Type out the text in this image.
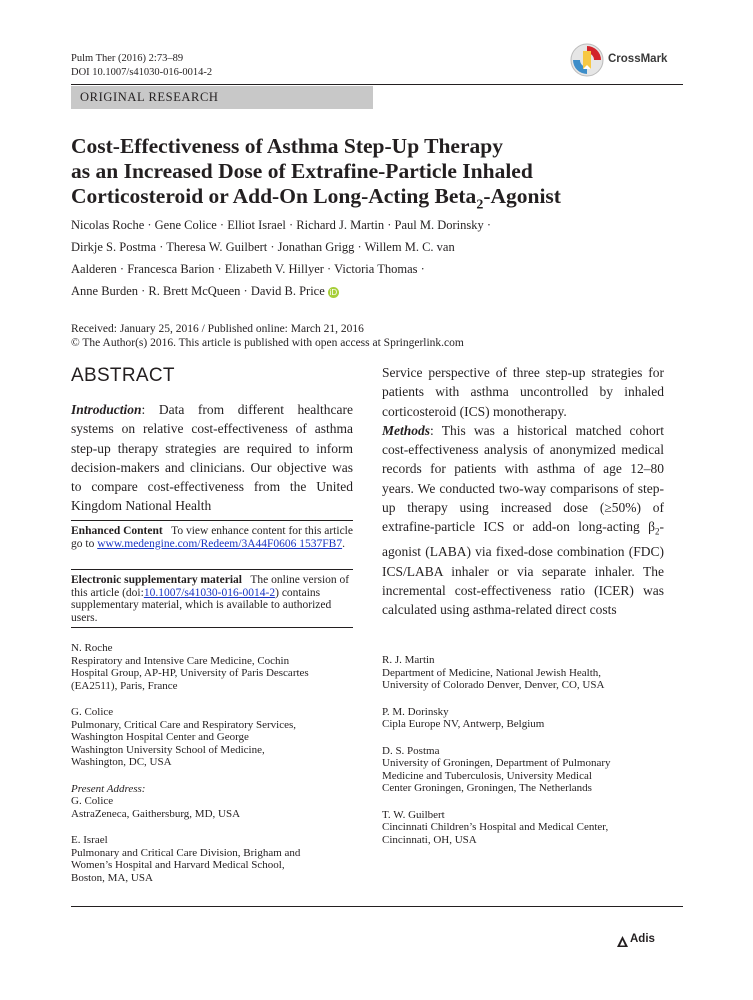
Pulm Ther (2016) 2:73–89
DOI 10.1007/s41030-016-0014-2
CrossMark
ORIGINAL RESEARCH
Cost-Effectiveness of Asthma Step-Up Therapy
as an Increased Dose of Extrafine-Particle Inhaled
Corticosteroid or Add-On Long-Acting Beta$_2$-Agonist
Nicolas Roche · Gene Colice · Elliot Israel · Richard J. Martin · Paul M. Dorinsky ·
Dirkje S. Postma · Theresa W. Guilbert · Jonathan Grigg · Willem M. C. van
Aalderen · Francesca Barion · Elizabeth V. Hillyer · Victoria Thomas ·
Anne Burden · R. Brett McQueen · David B. Price iD
Received: January 25, 2016 / Published online: March 21, 2016
© The Author(s) 2016. This article is published with open access at Springerlink.com
ABSTRACT

Introduction: Data from different healthcare systems on relative cost-effectiveness of asthma step-up therapy strategies are required to inform decision-makers and clinicians. Our objective was to compare cost-effectiveness from the United Kingdom National Health

Enhanced Content To view enhance content for this article go to www.medengine.com/Redeem/3A44F0606 1537FB7.
Electronic supplementary material The online version of this article (doi:10.1007/s41030-016-0014-2) contains supplementary material, which is available to authorized users.

Service perspective of three step-up strategies for patients with asthma uncontrolled by inhaled corticosteroid (ICS) monotherapy.

Methods: This was a historical matched cohort cost-effectiveness analysis of anonymized medical records for patients with asthma of age 12–80 years. We conducted two-way comparisons of step-up therapy using increased dose (≥50%) of extrafine-particle ICS or add-on long-acting $\beta_2$-agonist (LABA) via fixed-dose combination (FDC) ICS/LABA inhaler or via separate inhaler. The incremental cost-effectiveness ratio (ICER) was calculated using asthma-related direct costs

N. Roche
Respiratory and Intensive Care Medicine, Cochin
Hospital Group, AP-HP, University of Paris Descartes
(EA2511), Paris, France
G. Colice
Pulmonary, Critical Care and Respiratory Services,
Washington Hospital Center and George
Washington University School of Medicine,
Washington, DC, USA
Present Address:
G. Colice
AstraZeneca, Gaithersburg, MD, USA
E. Israel
Pulmonary and Critical Care Division, Brigham and
Women’s Hospital and Harvard Medical School,
Boston, MA, USA
R. J. Martin
Department of Medicine, National Jewish Health,
University of Colorado Denver, Denver, CO, USA
P. M. Dorinsky
Cipla Europe NV, Antwerp, Belgium
D. S. Postma
University of Groningen, Department of Pulmonary
Medicine and Tuberculosis, University Medical
Center Groningen, Groningen, The Netherlands
T. W. Guilbert
Cincinnati Children’s Hospital and Medical Center,
Cincinnati, OH, USA
Adis
